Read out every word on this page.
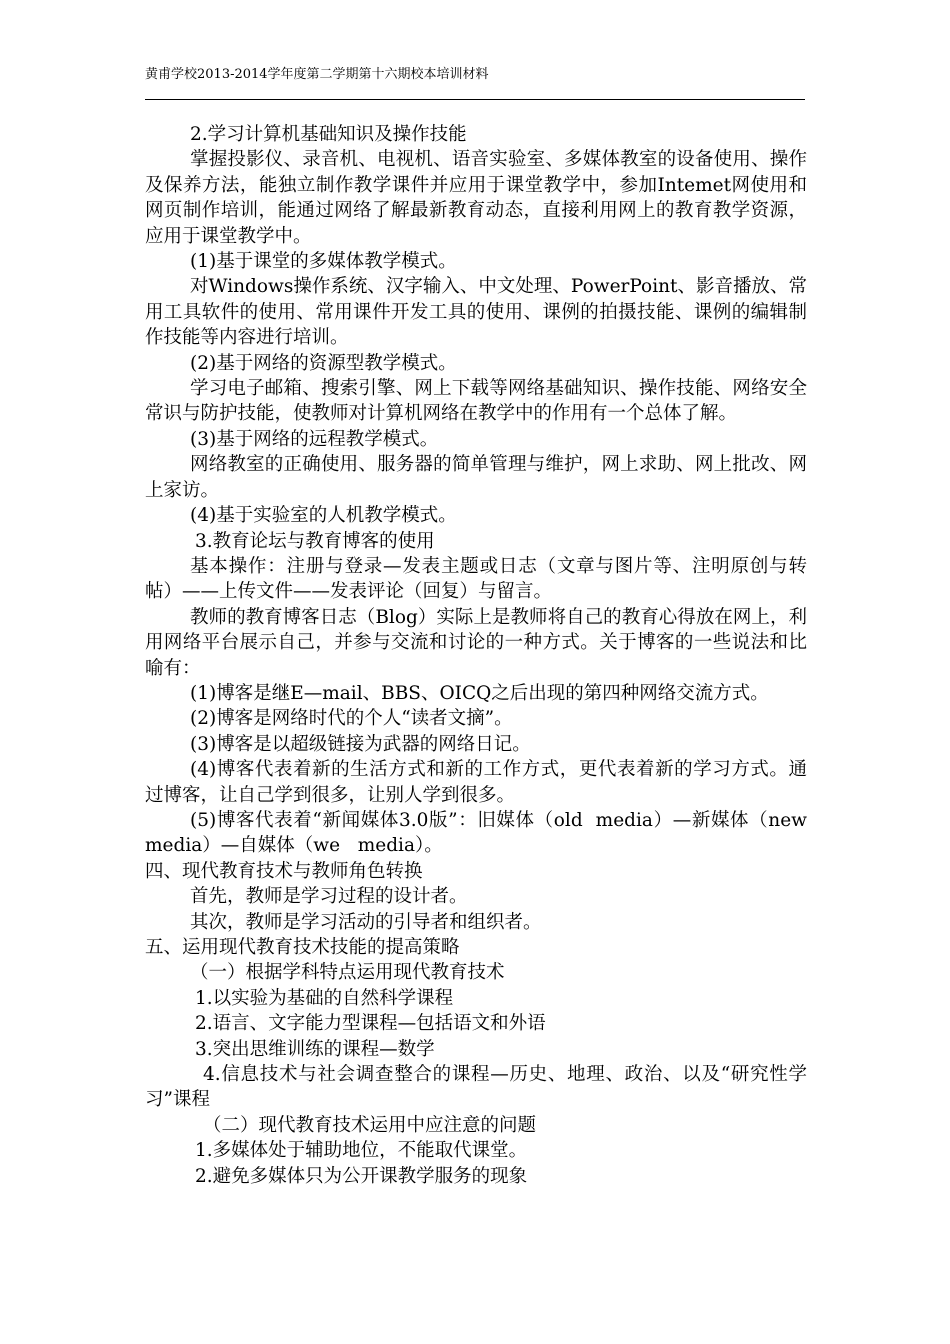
黄甫学校2013-2014学年度第二学期第十六期校本培训材料

2.学习计算机基础知识及操作技能

掌握投影仪、录音机、电视机、语音实验室、多媒体教室的设备使用、操作及保养方法，能独立制作教学课件并应用于课堂教学中，参加Intemet网使用和网页制作培训，能通过网络了解最新教育动态，直接利用网上的教育教学资源，应用于课堂教学中。

(1)基于课堂的多媒体教学模式。

对Windows操作系统、汉字输入、中文处理、PowerPoint、影音播放、常用工具软件的使用、常用课件开发工具的使用、课例的拍摄技能、课例的编辑制作技能等内容进行培训。

(2)基于网络的资源型教学模式。

学习电子邮箱、搜索引擎、网上下载等网络基础知识、操作技能、网络安全常识与防护技能，使教师对计算机网络在教学中的作用有一个总体了解。

(3)基于网络的远程教学模式。

网络教室的正确使用、服务器的简单管理与维护，网上求助、网上批改、网上家访。

(4)基于实验室的人机教学模式。

3.教育论坛与教育博客的使用

基本操作：注册与登录—发表主题或日志（文章与图片等、注明原创与转帖）——上传文件——发表评论（回复）与留言。

教师的教育博客日志（Blog）实际上是教师将自己的教育心得放在网上，利用网络平台展示自己，并参与交流和讨论的一种方式。关于博客的一些说法和比喻有：

(1)博客是继E—mail、BBS、OICQ之后出现的第四种网络交流方式。

(2)博客是网络时代的个人“读者文摘”。

(3)博客是以超级链接为武器的网络日记。

(4)博客代表着新的生活方式和新的工作方式，更代表着新的学习方式。通过博客，让自己学到很多，让别人学到很多。

(5)博客代表着“新闻媒体3.0版”：旧媒体（old  media）—新媒体（new   media）—自媒体（we   media）。

四、现代教育技术与教师角色转换

首先，教师是学习过程的设计者。

其次，教师是学习活动的引导者和组织者。

五、运用现代教育技术技能的提高策略

（一）根据学科特点运用现代教育技术

1.以实验为基础的自然科学课程

2.语言、文字能力型课程—包括语文和外语

3.突出思维训练的课程—数学

4.信息技术与社会调查整合的课程—历史、地理、政治、以及“研究性学习”课程

（二）现代教育技术运用中应注意的问题

1.多媒体处于辅助地位，不能取代课堂。

2.避免多媒体只为公开课教学服务的现象
